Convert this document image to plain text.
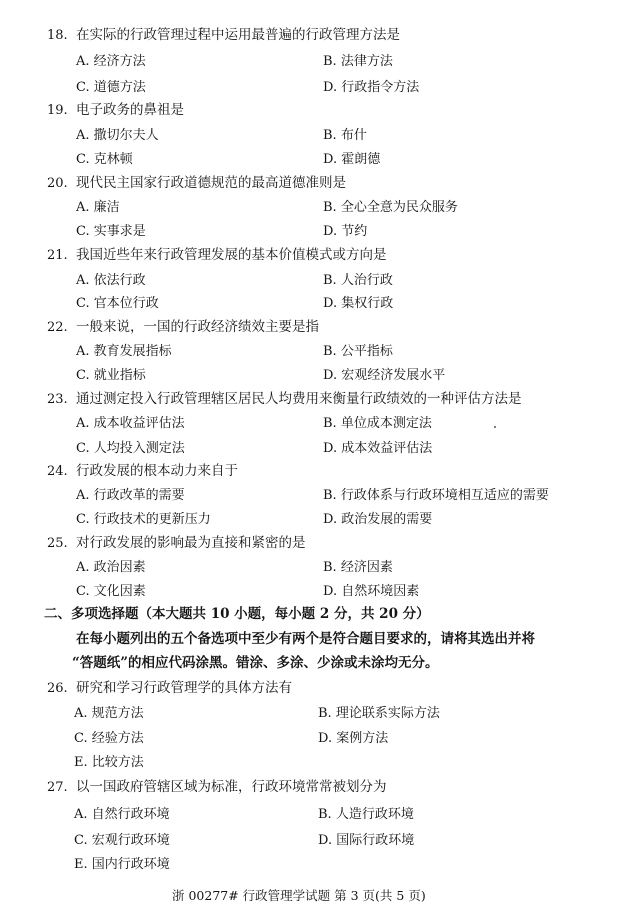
18. 在实际的行政管理过程中运用最普遍的行政管理方法是
A. 经济方法	B. 法律方法
C. 道德方法	D. 行政指令方法
19. 电子政务的鼻祖是
A. 撒切尔夫人	B. 布什
C. 克林顿	D. 霍朗德
20. 现代民主国家行政道德规范的最高道德准则是
A. 廉洁	B. 全心全意为民众服务
C. 实事求是	D. 节约
21. 我国近些年来行政管理发展的基本价值模式或方向是
A. 依法行政	B. 人治行政
C. 官本位行政	D. 集权行政
22. 一般来说，一国的行政经济绩效主要是指
A. 教育发展指标	B. 公平指标
C. 就业指标	D. 宏观经济发展水平
23. 通过测定投入行政管理辖区居民人均费用来衡量行政绩效的一种评估方法是
A. 成本收益评估法	B. 单位成本测定法
C. 人均投入测定法	D. 成本效益评估法
24. 行政发展的根本动力来自于
A. 行政改革的需要	B. 行政体系与行政环境相互适应的需要
C. 行政技术的更新压力	D. 政治发展的需要
25. 对行政发展的影响最为直接和紧密的是
A. 政治因素	B. 经济因素
C. 文化因素	D. 自然环境因素
二、多项选择题（本大题共 10 小题，每小题 2 分，共 20 分）
在每小题列出的五个备选项中至少有两个是符合题目要求的，请将其选出并将
“答题纸”的相应代码涂黑。错涂、多涂、少涂或未涂均无分。
26. 研究和学习行政管理学的具体方法有
A. 规范方法	B. 理论联系实际方法
C. 经验方法	D. 案例方法
E. 比较方法
27. 以一国政府管辖区域为标准，行政环境常常被划分为
A. 自然行政环境	B. 人造行政环境
C. 宏观行政环境	D. 国际行政环境
E. 国内行政环境
浙 00277# 行政管理学试题 第 3 页(共 5 页)
